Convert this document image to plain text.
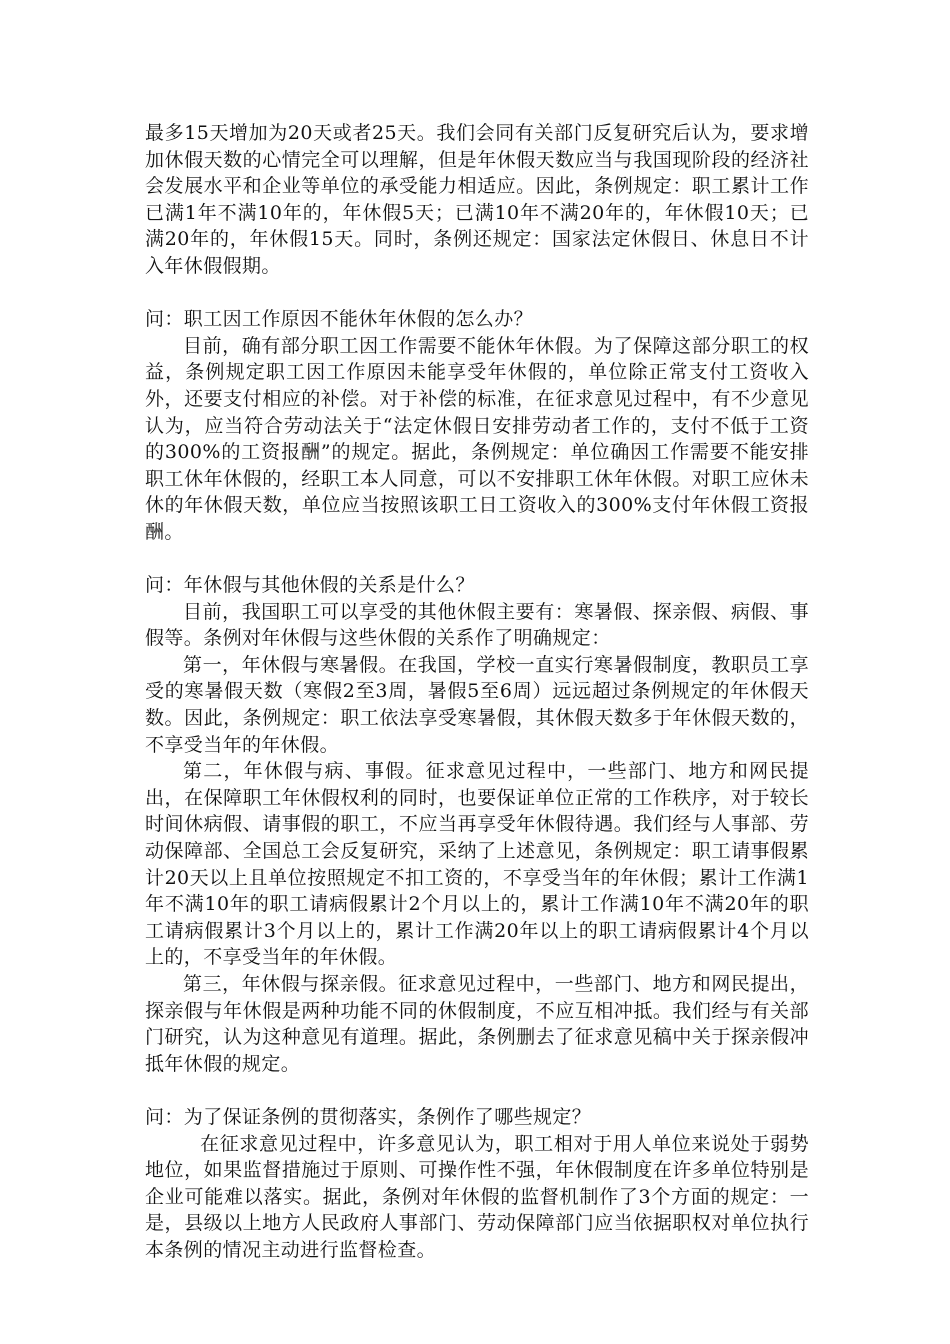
最多15天增加为20天或者25天。我们会同有关部门反复研究后认为，要求增加休假天数的心情完全可以理解，但是年休假天数应当与我国现阶段的经济社会发展水平和企业等单位的承受能力相适应。因此，条例规定：职工累计工作已满1年不满10年的，年休假5天；已满10年不满20年的，年休假10天；已满20年的，年休假15天。同时，条例还规定：国家法定休假日、休息日不计入年休假假期。

问：职工因工作原因不能休年休假的怎么办？

目前，确有部分职工因工作需要不能休年休假。为了保障这部分职工的权益，条例规定职工因工作原因未能享受年休假的，单位除正常支付工资收入外，还要支付相应的补偿。对于补偿的标准，在征求意见过程中，有不少意见认为，应当符合劳动法关于“法定休假日安排劳动者工作的，支付不低于工资的300%的工资报酬”的规定。据此，条例规定：单位确因工作需要不能安排职工休年休假的，经职工本人同意，可以不安排职工休年休假。对职工应休未休的年休假天数，单位应当按照该职工日工资收入的300%支付年休假工资报酬。

问：年休假与其他休假的关系是什么？

目前，我国职工可以享受的其他休假主要有：寒暑假、探亲假、病假、事假等。条例对年休假与这些休假的关系作了明确规定：

第一，年休假与寒暑假。在我国，学校一直实行寒暑假制度，教职员工享受的寒暑假天数（寒假2至3周，暑假5至6周）远远超过条例规定的年休假天数。因此，条例规定：职工依法享受寒暑假，其休假天数多于年休假天数的，不享受当年的年休假。

第二，年休假与病、事假。征求意见过程中，一些部门、地方和网民提出，在保障职工年休假权利的同时，也要保证单位正常的工作秩序，对于较长时间休病假、请事假的职工，不应当再享受年休假待遇。我们经与人事部、劳动保障部、全国总工会反复研究，采纳了上述意见，条例规定：职工请事假累计20天以上且单位按照规定不扣工资的，不享受当年的年休假；累计工作满1年不满10年的职工请病假累计2个月以上的，累计工作满10年不满20年的职工请病假累计3个月以上的，累计工作满20年以上的职工请病假累计4个月以上的，不享受当年的年休假。

第三，年休假与探亲假。征求意见过程中，一些部门、地方和网民提出，探亲假与年休假是两种功能不同的休假制度，不应互相冲抵。我们经与有关部门研究，认为这种意见有道理。据此，条例删去了征求意见稿中关于探亲假冲抵年休假的规定。

问：为了保证条例的贯彻落实，条例作了哪些规定？

在征求意见过程中，许多意见认为，职工相对于用人单位来说处于弱势地位，如果监督措施过于原则、可操作性不强，年休假制度在许多单位特别是企业可能难以落实。据此，条例对年休假的监督机制作了3个方面的规定：一是，县级以上地方人民政府人事部门、劳动保障部门应当依据职权对单位执行本条例的情况主动进行监督检查。
